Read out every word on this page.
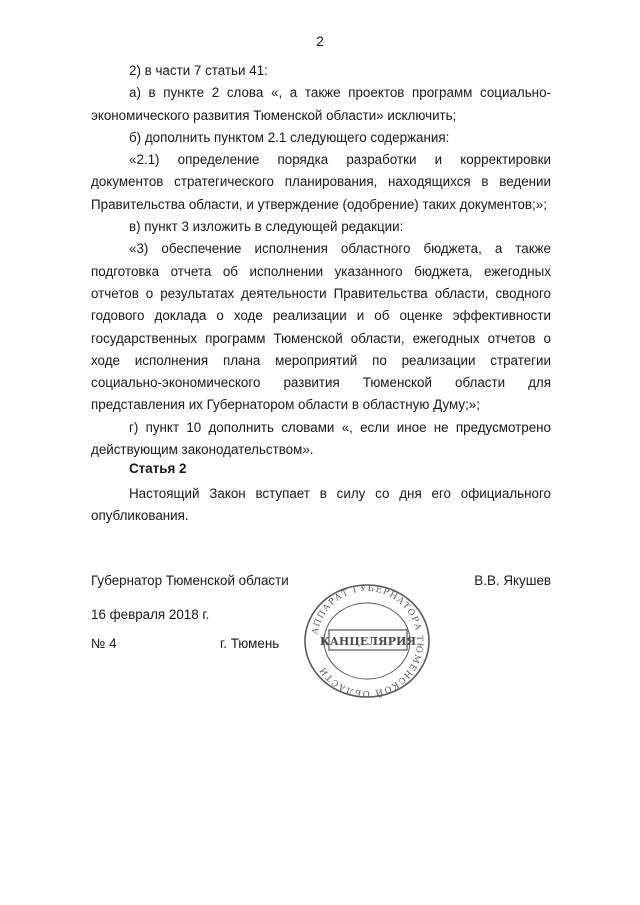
2

2) в части 7 статьи 41:

а) в пункте 2 слова «, а также проектов программ социально-экономического развития Тюменской области» исключить;

б) дополнить пунктом 2.1 следующего содержания:

«2.1) определение порядка разработки и корректировки документов стратегического планирования, находящихся в ведении Правительства области, и утверждение (одобрение) таких документов;»;

в) пункт 3 изложить в следующей редакции:

«3) обеспечение исполнения областного бюджета, а также подготовка отчета об исполнении указанного бюджета, ежегодных отчетов о результатах деятельности Правительства области, сводного годового доклада о ходе реализации и об оценке эффективности государственных программ Тюменской области, ежегодных отчетов о ходе исполнения плана мероприятий по реализации стратегии социально-экономического развития Тюменской области для представления их Губернатором области в областную Думу;»;

г) пункт 10 дополнить словами «, если иное не предусмотрено действующим законодательством».

Статья 2

Настоящий Закон вступает в силу со дня его официального опубликования.

Губернатор Тюменской области	В.В. Якушев
16 февраля 2018 г.
№ 4	г. Тюмень
АППАРАТ ГУБЕРНАТОРА ТЮМЕНСКОЙ ОБЛАСТИ
КАНЦЕЛЯРИЯ
